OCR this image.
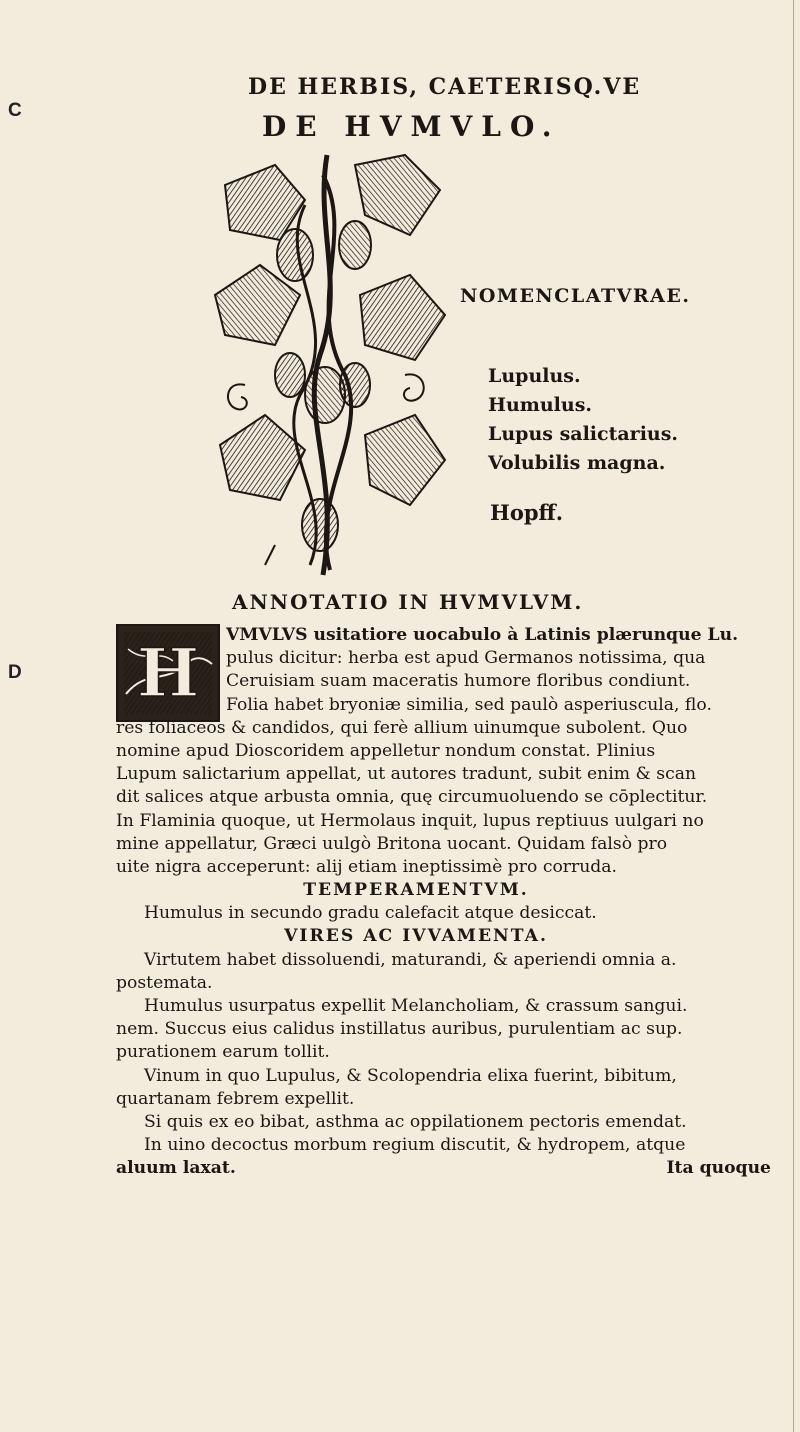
C
D
DE HERBIS, CAETERISQ.VE
DE HVMVLO.
NOMENCLATVRAE.
Lupulus.
Humulus.
Lupus salictarius.
Volubilis magna.
Hopff.
ANNOTATIO IN HVMVLVM.
H	VMVLVS usitatiore uocabulo à Latinis plærunque Lu.
pulus dicitur: herba est apud Germanos notissima, qua
Ceruisiam suam maceratis humore floribus condiunt.
Folia habet bryoniæ similia, sed paulò asperiuscula, flo.
res foliaceos & candidos, qui ferè allium uinumque subolent. Quo
nomine apud Dioscoridem appelletur nondum constat. Plinius
Lupum salictarium appellat, ut autores tradunt, subit enim & scan
dit salices atque arbusta omnia, quę circumuoluendo se cōplectitur.
In Flaminia quoque, ut Hermolaus inquit, lupus reptiuus uulgari no
mine appellatur, Græci uulgò Britona uocant. Quidam falsò pro
uite nigra acceperunt: alij etiam ineptissimè pro corruda.
TEMPERAMENTVM.
Humulus in secundo gradu calefacit atque desiccat.
VIRES AC IVVAMENTA.
Virtutem habet dissoluendi, maturandi, & aperiendi omnia a.
postemata.
Humulus usurpatus expellit Melancholiam, & crassum sangui.
nem. Succus eius calidus instillatus auribus, purulentiam ac sup.
purationem earum tollit.
Vinum in quo Lupulus, & Scolopendria elixa fuerint, bibitum,
quartanam febrem expellit.
Si quis ex eo bibat, asthma ac oppilationem pectoris emendat.
In uino decoctus morbum regium discutit, & hydropem, atque
aluum laxat.	Ita quoque
